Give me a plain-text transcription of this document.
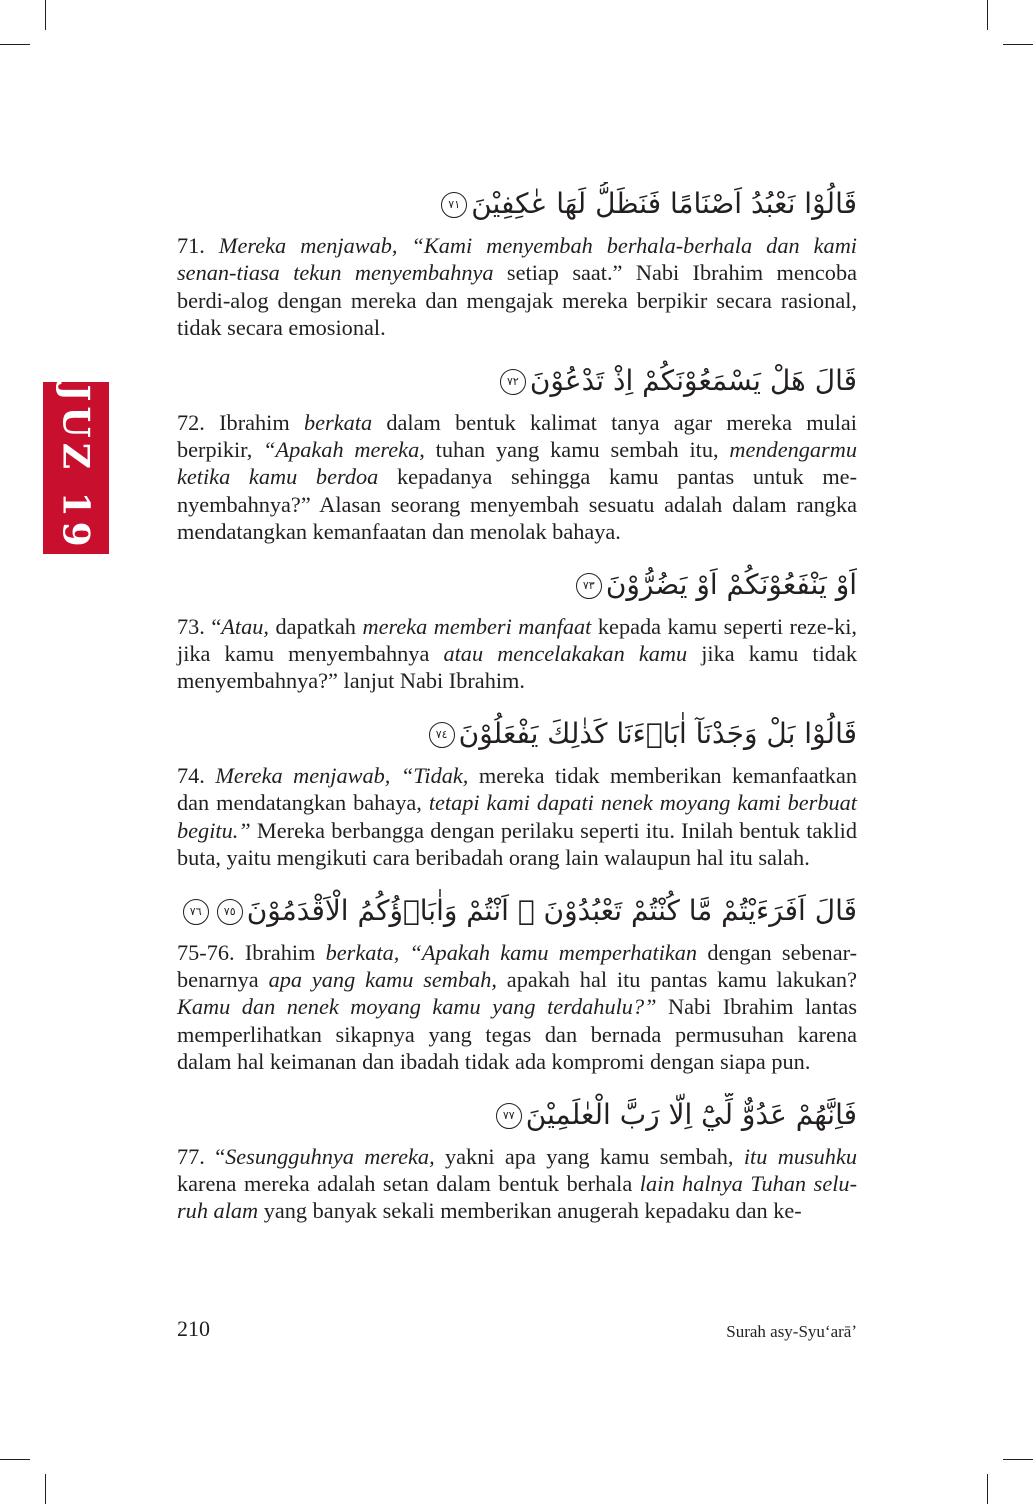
JUZ 19
قَالُوْا نَعْبُدُ اَصْنَامًا فَنَظَلُّ لَهَا عٰكِفِيْنَ٧١

71. Mereka menjawab, “Kami menyembah berhala-berhala dan kami senan-tiasa tekun menyembahnya setiap saat.” Nabi Ibrahim mencoba berdi-alog dengan mereka dan mengajak mereka berpikir secara rasional, tidak secara emosional.

قَالَ هَلْ يَسْمَعُوْنَكُمْ اِذْ تَدْعُوْنَ٧٢

72. Ibrahim berkata dalam bentuk kalimat tanya agar mereka mulai berpikir, “Apakah mereka, tuhan yang kamu sembah itu, mendengarmu ketika kamu berdoa kepadanya sehingga kamu pantas untuk me-nyembahnya?” Alasan seorang menyembah sesuatu adalah dalam rangka mendatangkan kemanfaatan dan menolak bahaya.

اَوْ يَنْفَعُوْنَكُمْ اَوْ يَضُرُّوْنَ٧٣

73. “Atau, dapatkah mereka memberi manfaat kepada kamu seperti reze-ki, jika kamu menyembahnya atau mencelakakan kamu jika kamu tidak menyembahnya?” lanjut Nabi Ibrahim.

قَالُوْا بَلْ وَجَدْنَآ اٰبَاۤءَنَا كَذٰلِكَ يَفْعَلُوْنَ٧٤

74. Mereka menjawab, “Tidak, mereka tidak memberikan kemanfaatkan dan mendatangkan bahaya, tetapi kami dapati nenek moyang kami berbuat begitu.” Mereka berbangga dengan perilaku seperti itu. Inilah bentuk taklid buta, yaitu mengikuti cara beribadah orang lain walaupun hal itu salah.

قَالَ اَفَرَءَيْتُمْ مَّا كُنْتُمْ تَعْبُدُوْنَ ۙ اَنْتُمْ وَاٰبَاۤؤُكُمُ الْاَقْدَمُوْنَ٧٥٧٦

75-76. Ibrahim berkata, “Apakah kamu memperhatikan dengan sebenar-benarnya apa yang kamu sembah, apakah hal itu pantas kamu lakukan? Kamu dan nenek moyang kamu yang terdahulu?” Nabi Ibrahim lantas memperlihatkan sikapnya yang tegas dan bernada permusuhan karena dalam hal keimanan dan ibadah tidak ada kompromi dengan siapa pun.

فَاِنَّهُمْ عَدُوٌّ لِّيْٓ اِلَّا رَبَّ الْعٰلَمِيْنَ٧٧

77. “Sesungguhnya mereka, yakni apa yang kamu sembah, itu musuhku karena mereka adalah setan dalam bentuk berhala lain halnya Tuhan selu-ruh alam yang banyak sekali memberikan anugerah kepadaku dan ke-

210	Surah asy-Syuʻarāʼ
